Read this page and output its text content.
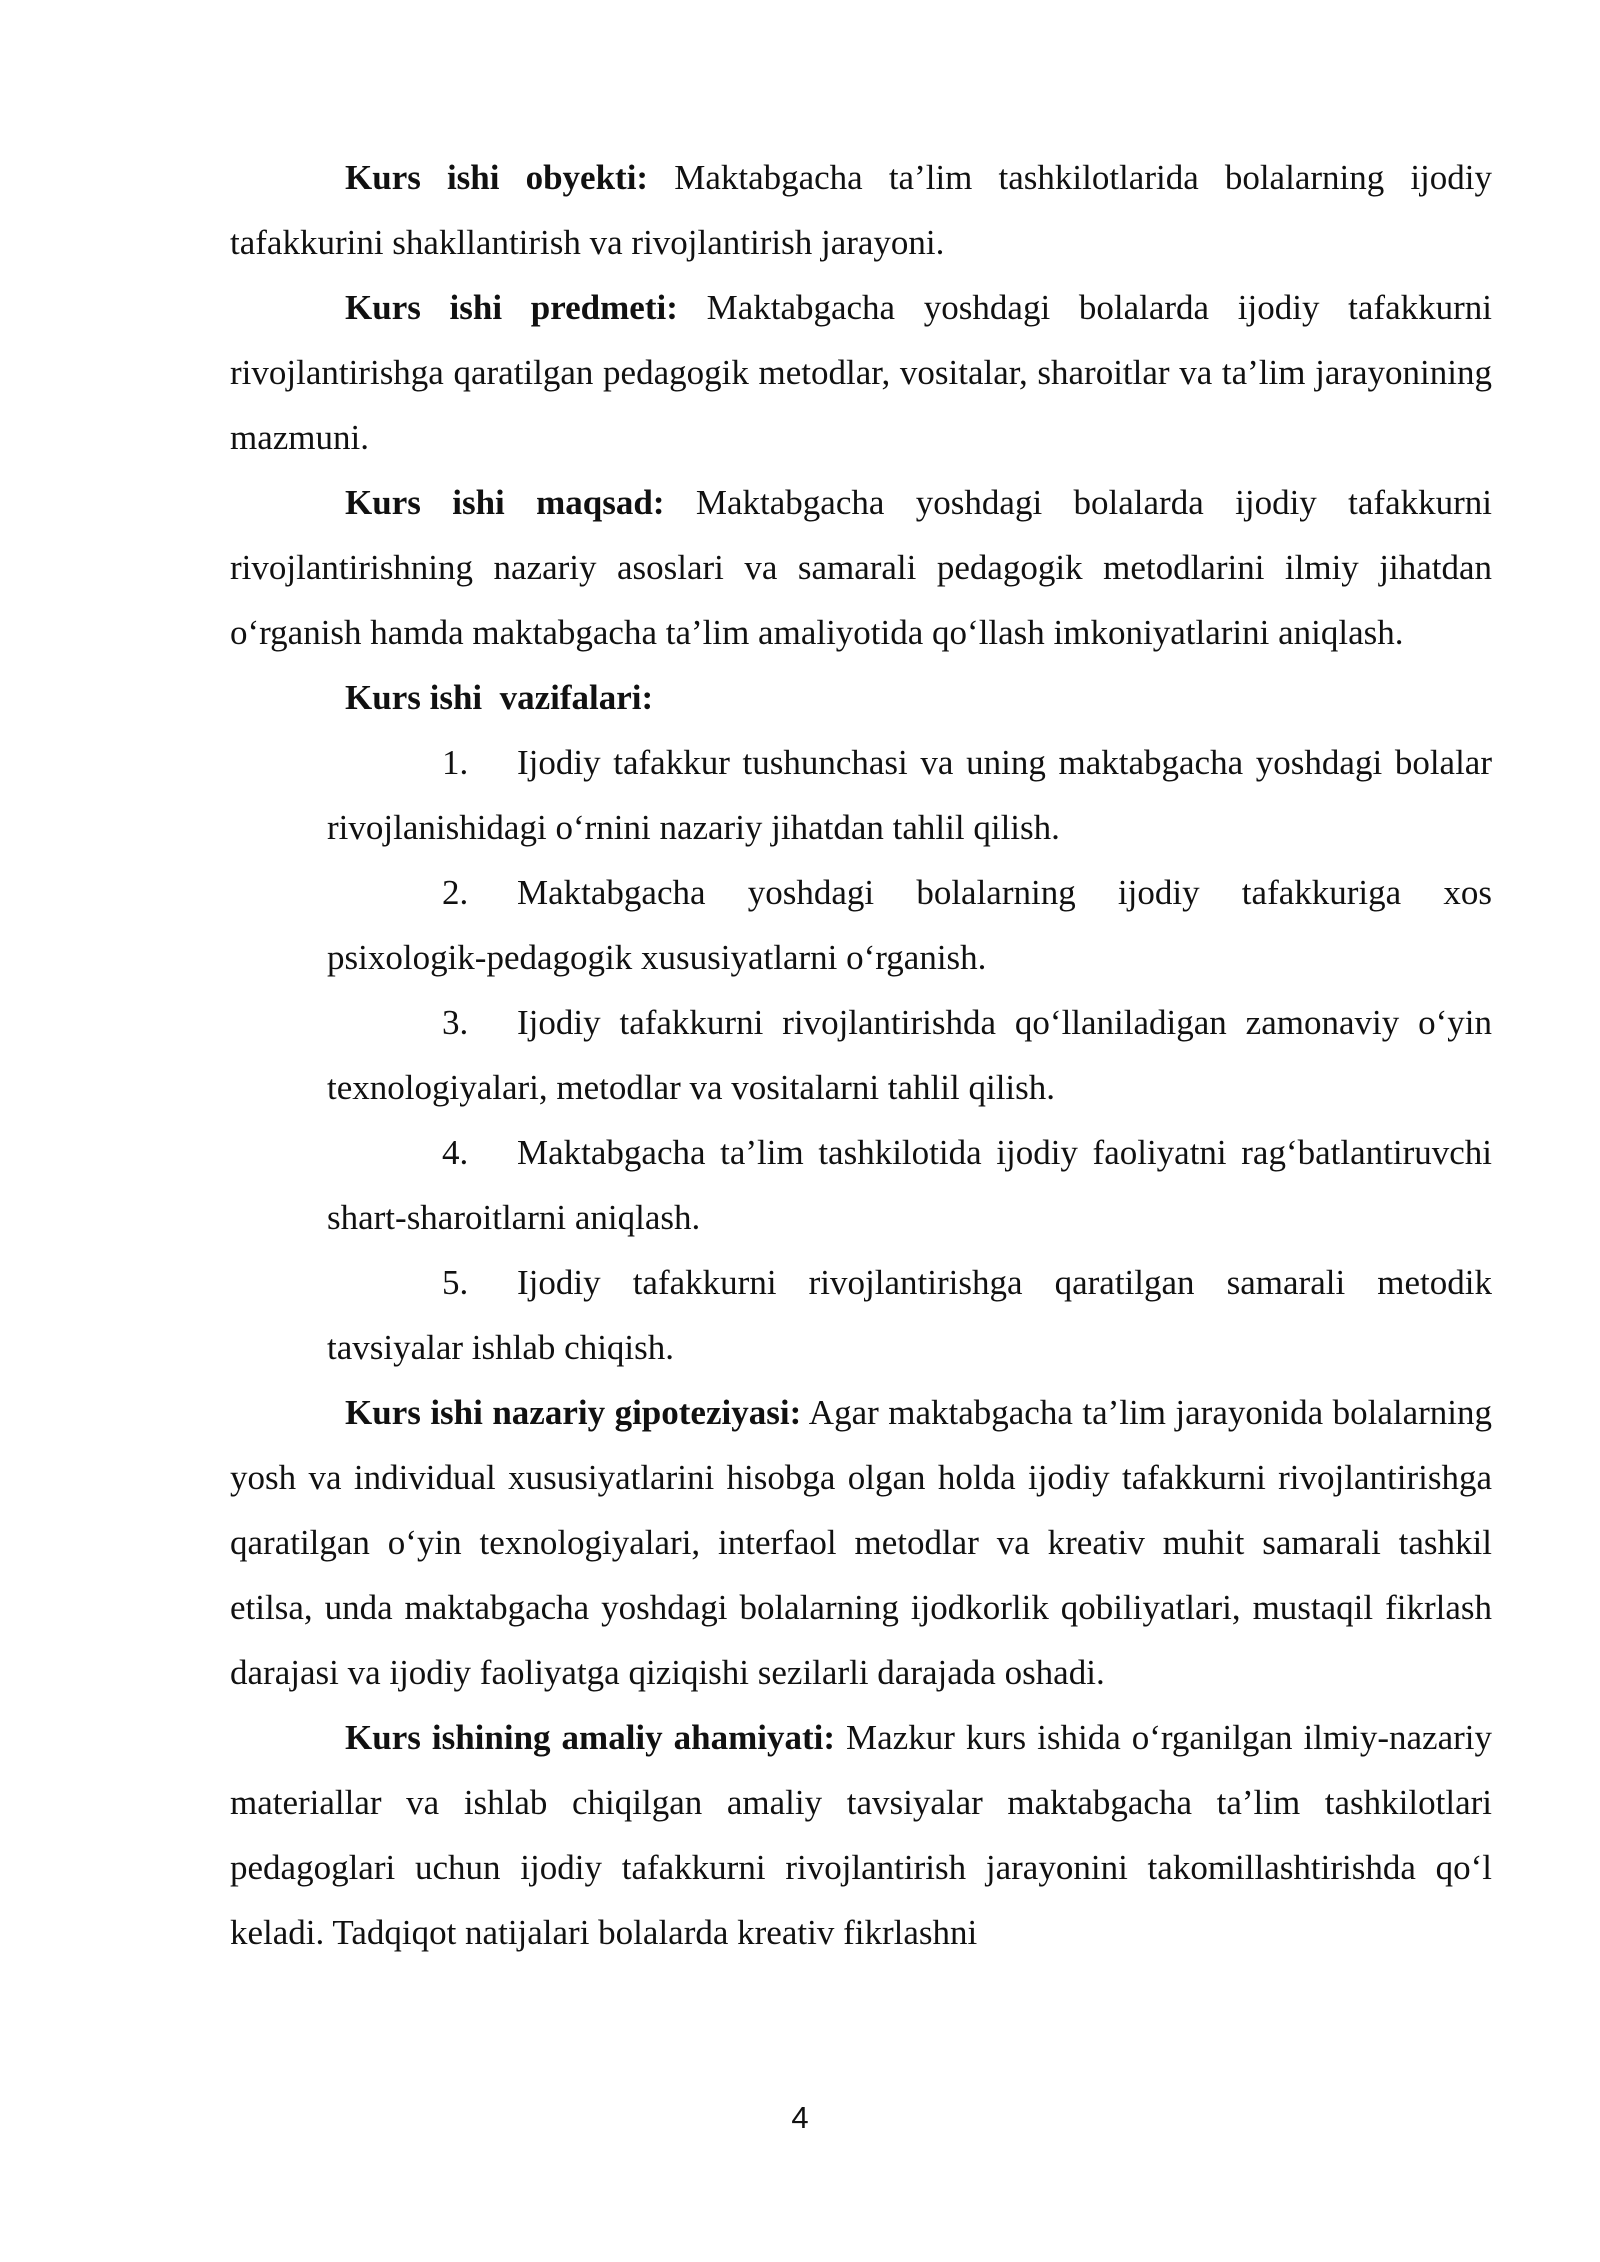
Kurs ishi obyekti: Maktabgacha ta’lim tashkilotlarida bolalarning ijodiy tafakkurini shakllantirish va rivojlantirish jarayoni.

Kurs ishi predmeti: Maktabgacha yoshdagi bolalarda ijodiy tafakkurni rivojlantirishga qaratilgan pedagogik metodlar, vositalar, sharoitlar va ta’lim jarayonining mazmuni.

Kurs ishi maqsad: Maktabgacha yoshdagi bolalarda ijodiy tafakkurni rivojlantirishning nazariy asoslari va samarali pedagogik metodlarini ilmiy jihatdan o‘rganish hamda maktabgacha ta’lim amaliyotida qo‘llash imkoniyatlarini aniqlash.

Kurs ishi  vazifalari:

1. Ijodiy tafakkur tushunchasi va uning maktabgacha yoshdagi bolalar rivojlanishidagi o‘rnini nazariy jihatdan tahlil qilish.
2. Maktabgacha yoshdagi bolalarning ijodiy tafakkuriga xos psixologik-pedagogik xususiyatlarni o‘rganish.
3. Ijodiy tafakkurni rivojlantirishda qo‘llaniladigan zamonaviy o‘yin texnologiyalari, metodlar va vositalarni tahlil qilish.
4. Maktabgacha ta’lim tashkilotida ijodiy faoliyatni rag‘batlantiruvchi shart-sharoitlarni aniqlash.
5. Ijodiy tafakkurni rivojlantirishga qaratilgan samarali metodik tavsiyalar ishlab chiqish.

Kurs ishi nazariy gipoteziyasi: Agar maktabgacha ta’lim jarayonida bolalarning yosh va individual xususiyatlarini hisobga olgan holda ijodiy tafakkurni rivojlantirishga qaratilgan o‘yin texnologiyalari, interfaol metodlar va kreativ muhit samarali tashkil etilsa, unda maktabgacha yoshdagi bolalarning ijodkorlik qobiliyatlari, mustaqil fikrlash darajasi va ijodiy faoliyatga qiziqishi sezilarli darajada oshadi.

Kurs ishining amaliy ahamiyati: Mazkur kurs ishida o‘rganilgan ilmiy-nazariy materiallar va ishlab chiqilgan amaliy tavsiyalar maktabgacha ta’lim tashkilotlari pedagoglari uchun ijodiy tafakkurni rivojlantirish jarayonini takomillashtirishda qo‘l keladi. Tadqiqot natijalari bolalarda kreativ fikrlashni

4
